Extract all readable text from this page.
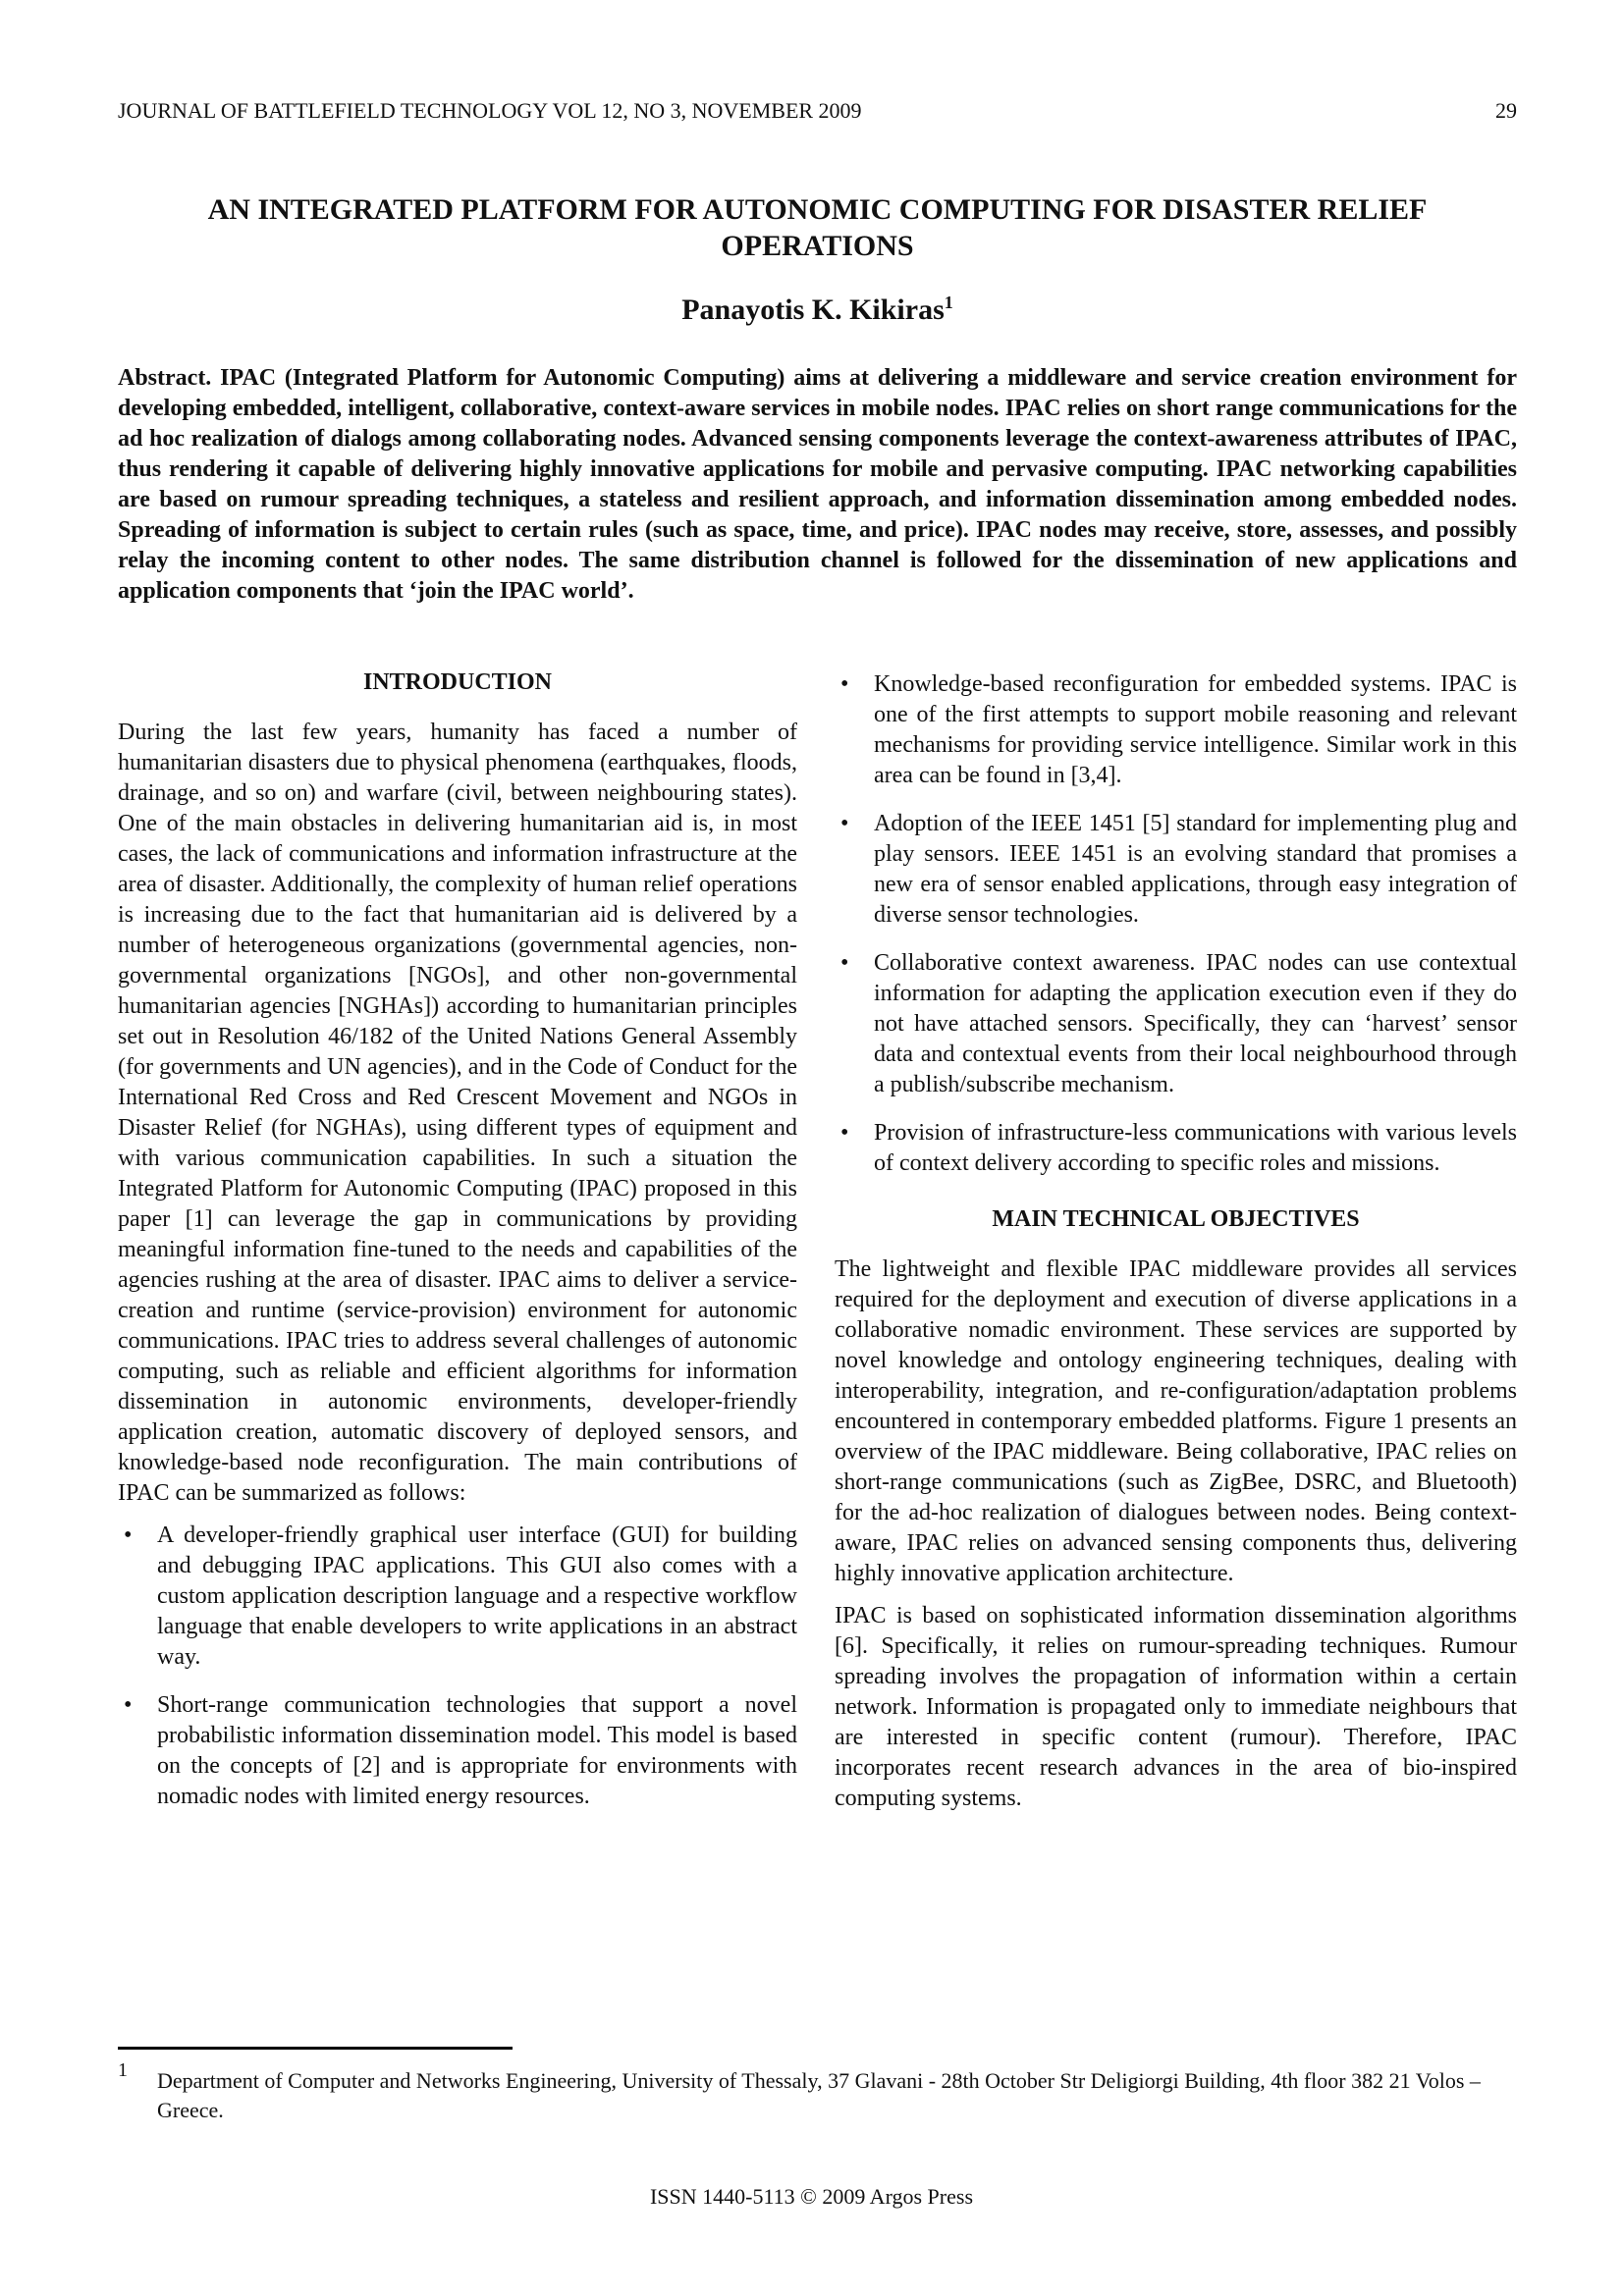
JOURNAL OF BATTLEFIELD TECHNOLOGY VOL 12, NO 3, NOVEMBER 2009	29
AN INTEGRATED PLATFORM FOR AUTONOMIC COMPUTING FOR DISASTER RELIEF OPERATIONS
Panayotis K. Kikiras$^1$
Abstract. IPAC (Integrated Platform for Autonomic Computing) aims at delivering a middleware and service creation environment for developing embedded, intelligent, collaborative, context-aware services in mobile nodes. IPAC relies on short range communications for the ad hoc realization of dialogs among collaborating nodes. Advanced sensing components leverage the context-awareness attributes of IPAC, thus rendering it capable of delivering highly innovative applications for mobile and pervasive computing. IPAC networking capabilities are based on rumour spreading techniques, a stateless and resilient approach, and information dissemination among embedded nodes. Spreading of information is subject to certain rules (such as space, time, and price). IPAC nodes may receive, store, assesses, and possibly relay the incoming content to other nodes. The same distribution channel is followed for the dissemination of new applications and application components that ‘join the IPAC world’.
INTRODUCTION

During the last few years, humanity has faced a number of humanitarian disasters due to physical phenomena (earthquakes, floods, drainage, and so on) and warfare (civil, between neighbouring states). One of the main obstacles in delivering humanitarian aid is, in most cases, the lack of communications and information infrastructure at the area of disaster. Additionally, the complexity of human relief operations is increasing due to the fact that humanitarian aid is delivered by a number of heterogeneous organizations (governmental agencies, non-governmental organizations [NGOs], and other non-governmental humanitarian agencies [NGHAs]) according to humanitarian principles set out in Resolution 46/182 of the United Nations General Assembly (for governments and UN agencies), and in the Code of Conduct for the International Red Cross and Red Crescent Movement and NGOs in Disaster Relief (for NGHAs), using different types of equipment and with various communication capabilities. In such a situation the Integrated Platform for Autonomic Computing (IPAC) proposed in this paper [1] can leverage the gap in communications by providing meaningful information fine-tuned to the needs and capabilities of the agencies rushing at the area of disaster. IPAC aims to deliver a service-creation and runtime (service-provision) environment for autonomic communications. IPAC tries to address several challenges of autonomic computing, such as reliable and efficient algorithms for information dissemination in autonomic environments, developer-friendly application creation, automatic discovery of deployed sensors, and knowledge-based node reconfiguration. The main contributions of IPAC can be summarized as follows:

• A developer-friendly graphical user interface (GUI) for building and debugging IPAC applications. This GUI also comes with a custom application description language and a respective workflow language that enable developers to write applications in an abstract way.
• Short-range communication technologies that support a novel probabilistic information dissemination model. This model is based on the concepts of [2] and is appropriate for environments with nomadic nodes with limited energy resources.
• Knowledge-based reconfiguration for embedded systems. IPAC is one of the first attempts to support mobile reasoning and relevant mechanisms for providing service intelligence. Similar work in this area can be found in [3,4].
• Adoption of the IEEE 1451 [5] standard for implementing plug and play sensors. IEEE 1451 is an evolving standard that promises a new era of sensor enabled applications, through easy integration of diverse sensor technologies.
• Collaborative context awareness. IPAC nodes can use contextual information for adapting the application execution even if they do not have attached sensors. Specifically, they can ‘harvest’ sensor data and contextual events from their local neighbourhood through a publish/subscribe mechanism.
• Provision of infrastructure-less communications with various levels of context delivery according to specific roles and missions.
MAIN TECHNICAL OBJECTIVES

The lightweight and flexible IPAC middleware provides all services required for the deployment and execution of diverse applications in a collaborative nomadic environment. These services are supported by novel knowledge and ontology engineering techniques, dealing with interoperability, integration, and re-configuration/adaptation problems encountered in contemporary embedded platforms. Figure 1 presents an overview of the IPAC middleware. Being collaborative, IPAC relies on short-range communications (such as ZigBee, DSRC, and Bluetooth) for the ad-hoc realization of dialogues between nodes. Being context-aware, IPAC relies on advanced sensing components thus, delivering highly innovative application architecture.

IPAC is based on sophisticated information dissemination algorithms [6]. Specifically, it relies on rumour-spreading techniques. Rumour spreading involves the propagation of information within a certain network. Information is propagated only to immediate neighbours that are interested in specific content (rumour). Therefore, IPAC incorporates recent research advances in the area of bio-inspired computing systems.

1 Department of Computer and Networks Engineering, University of Thessaly, 37 Glavani - 28th October Str Deligiorgi Building, 4th floor 382 21 Volos – Greece.
ISSN 1440-5113 © 2009 Argos Press
